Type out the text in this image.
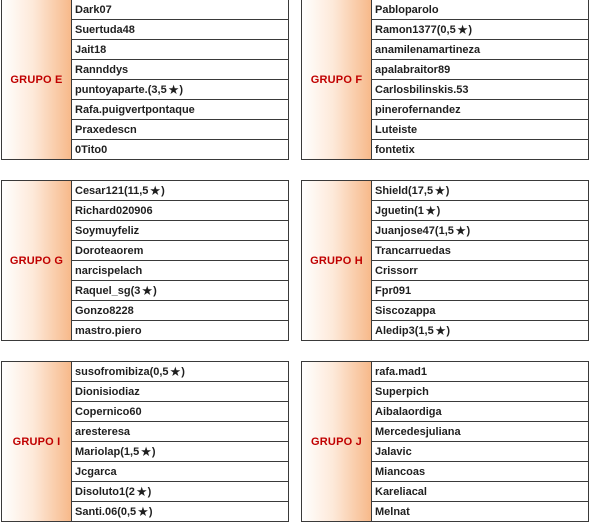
GRUPO E
Dark07
Suertuda48
Jait18
Rannddys
puntoyaparte. (3,5 ★ )
Rafa.puigvertpontaque
Praxedescn
0Tito0
GRUPO F
Pabloparolo
Ramon1377 (0,5 ★ )
anamilenamartineza
apalabraitor89
Carlosbilinskis.53
pinerofernandez
Luteiste
fontetix
GRUPO G
Cesar121 (11,5 ★ )
Richard020906
Soymuyfeliz
Doroteaorem
narcispelach
Raquel_sg (3 ★ )
Gonzo8228
mastro.piero
GRUPO H
Shield (17,5 ★ )
Jguetin (1 ★ )
Juanjose47 (1,5 ★ )
Trancarruedas
Crissorr
Fpr091
Siscozappa
Aledip3 (1,5 ★ )
GRUPO I
susofromibiza (0,5 ★ )
Dionisiodiaz
Copernico60
aresteresa
Mariolap (1,5 ★ )
Jcgarca
Disoluto1 (2 ★ )
Santi.06 (0,5 ★ )
GRUPO J
rafa.mad1
Superpich
Aibalaordiga
Mercedesjuliana
Jalavic
Miancoas
Kareliacal
Melnat
